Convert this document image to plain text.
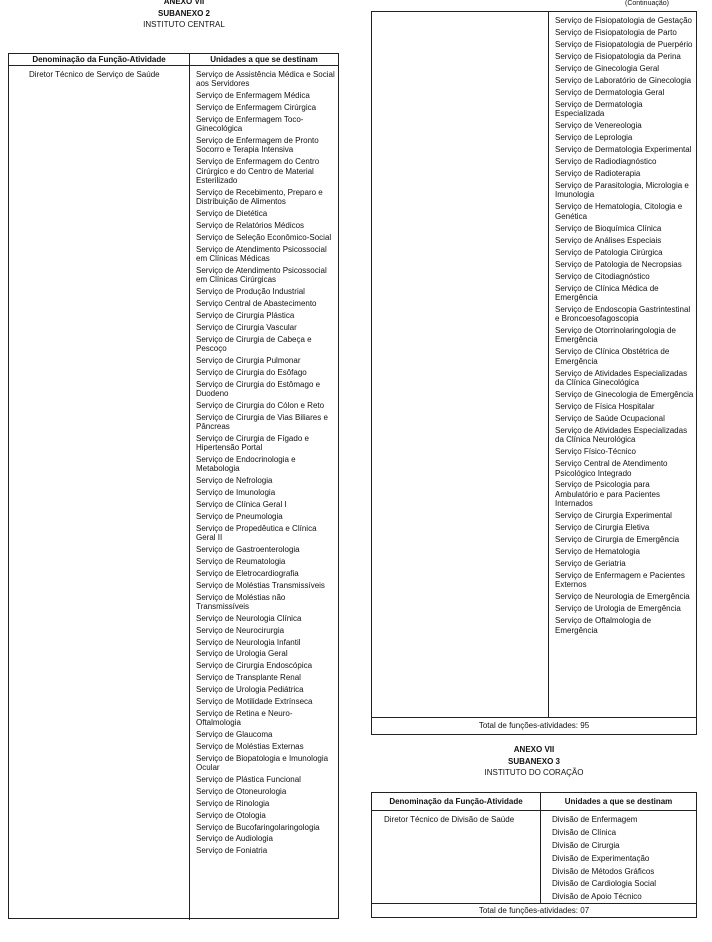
ANEXO VII
SUBANEXO 2
INSTITUTO CENTRAL
Denominação da Função-Atividade	Unidades a que se destinam
Diretor Técnico de Serviço de Saúde	Serviço de Assistência Médica e Social aos Servidores
Serviço de Enfermagem Médica
Serviço de Enfermagem Cirúrgica
Serviço de Enfermagem Toco-Ginecológica
Serviço de Enfermagem de Pronto Socorro e Terapia Intensiva
Serviço de Enfermagem do Centro Cirúrgico e do Centro de Material Esterilizado
Serviço de Recebimento, Preparo e Distribuição de Alimentos
Serviço de Dietética
Serviço de Relatórios Médicos
Serviço de Seleção Econômico-Social
Serviço de Atendimento Psicossocial em Clínicas Médicas
Serviço de Atendimento Psicossocial em Clínicas Cirúrgicas
Serviço de Produção Industrial
Serviço Central de Abastecimento
Serviço de Cirurgia Plástica
Serviço de Cirurgia Vascular
Serviço de Cirurgia de Cabeça e Pescoço
Serviço de Cirurgia Pulmonar
Serviço de Cirurgia do Esôfago
Serviço de Cirurgia do Estômago e Duodeno
Serviço de Cirurgia do Cólon e Reto
Serviço de Cirurgia de Vias Biliares e Pâncreas
Serviço de Cirurgia de Fígado e Hipertensão Portal
Serviço de Endocrinologia e Metabologia
Serviço de Nefrologia
Serviço de Imunologia
Serviço de Clínica Geral I
Serviço de Pneumologia
Serviço de Propedêutica e Clínica Geral II
Serviço de Gastroenterologia
Serviço de Reumatologia
Serviço de Eletrocardiografia
Serviço de Moléstias Transmissíveis
Serviço de Moléstias não Transmissíveis
Serviço de Neurologia Clínica
Serviço de Neurocirurgia
Serviço de Neurologia Infantil
Serviço de Urologia Geral
Serviço de Cirurgia Endoscópica
Serviço de Transplante Renal
Serviço de Urologia Pediátrica
Serviço de Motilidade Extrínseca
Serviço de Retina e Neuro-Oftalmologia
Serviço de Glaucoma
Serviço de Moléstias Externas
Serviço de Biopatologia e Imunologia Ocular
Serviço de Plástica Funcional
Serviço de Otoneurologia
Serviço de Rinologia
Serviço de Otologia
Serviço de Bucofaringolaringologia
Serviço de Audiologia
Serviço de Foniatria
(Continuação)
Serviço de Fisiopatologia de Gestação
Serviço de Fisiopatologia de Parto
Serviço de Fisiopatologia de Puerpério
Serviço de Fisiopatologia da Perina
Serviço de Ginecologia Geral
Serviço de Laboratório de Ginecologia
Serviço de Dermatologia Geral
Serviço de Dermatologia Especializada
Serviço de Venereologia
Serviço de Leprologia
Serviço de Dermatologia Experimental
Serviço de Radiodiagnóstico
Serviço de Radioterapia
Serviço de Parasitologia, Micrologia e Imunologia
Serviço de Hematologia, Citologia e Genética
Serviço de Bioquímica Clínica
Serviço de Análises Especiais
Serviço de Patologia Cirúrgica
Serviço de Patologia de Necropsias
Serviço de Citodiagnóstico
Serviço de Clínica Médica de Emergência
Serviço de Endoscopia Gastrintestinal e Broncoesofagoscopia
Serviço de Otorrinolaringologia de Emergência
Serviço de Clínica Obstétrica de Emergência
Serviço de Atividades Especializadas da Clínica Ginecológica
Serviço de Ginecologia de Emergência
Serviço de Física Hospitalar
Serviço de Saúde Ocupacional
Serviço de Atividades Especializadas da Clínica Neurológica
Serviço Físico-Técnico
Serviço Central de Atendimento Psicológico Integrado
Serviço de Psicologia para Ambulatório e para Pacientes Internados
Serviço de Cirurgia Experimental
Serviço de Cirurgia Eletiva
Serviço de Cirurgia de Emergência
Serviço de Hematologia
Serviço de Geriatria
Serviço de Enfermagem e Pacientes Externos
Serviço de Neurologia de Emergência
Serviço de Urologia de Emergência
Serviço de Oftalmologia de Emergência
Total de funções-atividades: 95
ANEXO VII
SUBANEXO 3
INSTITUTO DO CORAÇÃO
Denominação da Função-Atividade	Unidades a que se destinam
Diretor Técnico de Divisão de Saúde	Divisão de Enfermagem
Divisão de Clínica
Divisão de Cirurgia
Divisão de Experimentação
Divisão de Métodos Gráficos
Divisão de Cardiologia Social
Divisão de Apoio Técnico
Total de funções-atividades: 07
